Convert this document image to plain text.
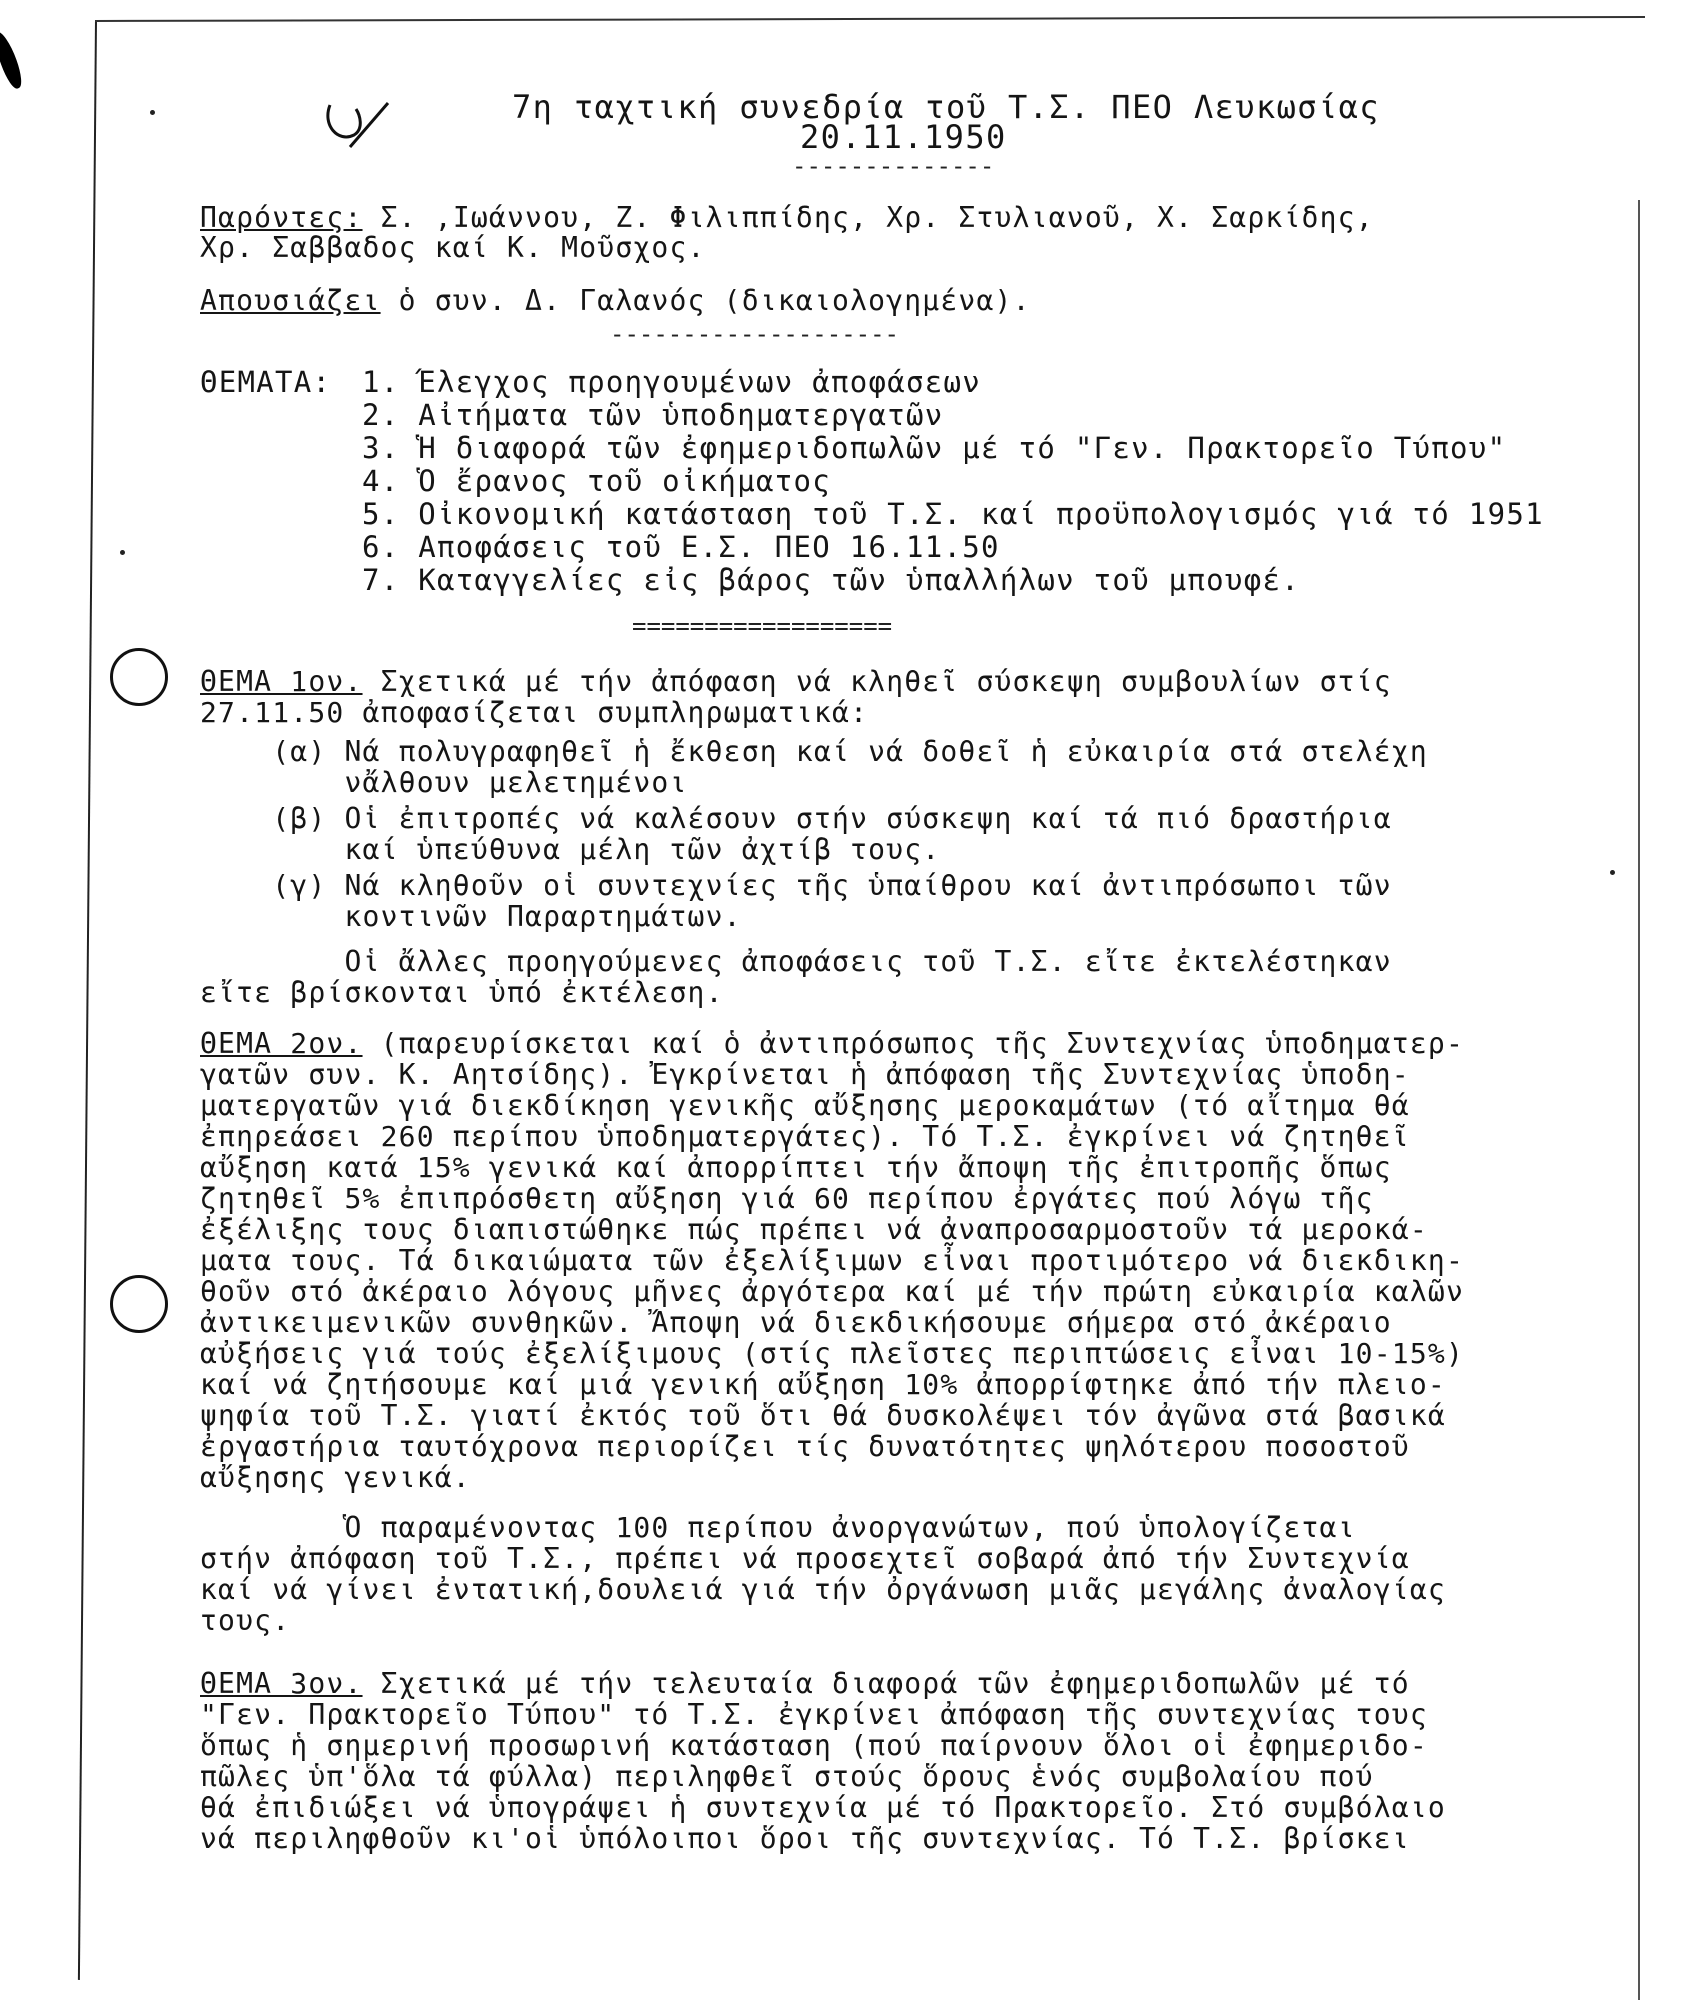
7η ταχτική συνεδρία τοῦ Τ.Σ. ΠΕΟ Λευκωσίας
20.11.1950
--------------
Παρόντες: Σ. ,Ιωάννου, Ζ. Φιλιππίδης, Χρ. Στυλιανοῦ, Χ. Σαρκίδης,
Χρ. Σαββαδος καί Κ. Μοῦσχος.
Απουσιάζει ὁ συν. Δ. Γαλανός (δικαιολογημένα).
--------------------
ΘΕΜΑΤΑ: 1. Έλεγχος προηγουμένων ἀποφάσεων
2. Αἰτήματα τῶν ὑποδηματεργατῶν
3. Ἡ διαφορά τῶν ἐφημεριδοπωλῶν μέ τό "Γεν. Πρακτορεῖο Τύπου"
4. Ὁ ἔρανος τοῦ οἰκήματος
5. Οἰκονομική κατάσταση τοῦ Τ.Σ. καί προϋπολογισμός γιά τό 1951
6. Αποφάσεις τοῦ Ε.Σ. ΠΕΟ 16.11.50
7. Καταγγελίες εἰς βάρος τῶν ὑπαλλήλων τοῦ μπουφέ.
==================
ΘΕΜΑ 1ον. Σχετικά μέ τήν ἀπόφαση νά κληθεῖ σύσκεψη συμβουλίων στίς
27.11.50 ἀποφασίζεται συμπληρωματικά:
(α) Νά πολυγραφηθεῖ ἡ ἔκθεση καί νά δοθεῖ ἡ εὐκαιρία στά στελέχη
νἄλθουν μελετημένοι
(β) Οἱ ἐπιτροπές νά καλέσουν στήν σύσκεψη καί τά πιό δραστήρια
καί ὑπεύθυνα μέλη τῶν ἀχτίβ τους.
(γ) Νά κληθοῦν οἱ συντεχνίες τῆς ὑπαίθρου καί ἀντιπρόσωποι τῶν
κοντινῶν Παραρτημάτων.
Οἱ ἄλλες προηγούμενες ἀποφάσεις τοῦ Τ.Σ. εἴτε ἐκτελέστηκαν
εἴτε βρίσκονται ὑπό ἐκτέλεση.
ΘΕΜΑ 2ον. (παρευρίσκεται καί ὁ ἀντιπρόσωπος τῆς Συντεχνίας ὑποδηματερ-
γατῶν συν. Κ. Αητσίδης). Ἐγκρίνεται ἡ ἀπόφαση τῆς Συντεχνίας ὑποδη-
ματεργατῶν γιά διεκδίκηση γενικῆς αὔξησης μεροκαμάτων (τό αἴτημα θά
ἐπηρεάσει 260 περίπου ὑποδηματεργάτες). Τό Τ.Σ. ἐγκρίνει νά ζητηθεῖ
αὔξηση κατά 15% γενικά καί ἀπορρίπτει τήν ἄποψη τῆς ἐπιτροπῆς ὅπως
ζητηθεῖ 5% ἐπιπρόσθετη αὔξηση γιά 60 περίπου ἐργάτες πού λόγω τῆς
ἐξέλιξης τους διαπιστώθηκε πώς πρέπει νά ἀναπροσαρμοστοῦν τά μεροκά-
ματα τους. Τά δικαιώματα τῶν ἐξελίξιμων εἶναι προτιμότερο νά διεκδικη-
θοῦν στό ἀκέραιο λόγους μῆνες ἀργότερα καί μέ τήν πρώτη εὐκαιρία καλῶν
ἀντικειμενικῶν συνθηκῶν. Ἄποψη νά διεκδικήσουμε σήμερα στό ἀκέραιο
αὐξήσεις γιά τούς ἐξελίξιμους (στίς πλεῖστες περιπτώσεις εἶναι 10-15%)
καί νά ζητήσουμε καί μιά γενική αὔξηση 10% ἀπορρίφτηκε ἀπό τήν πλειο-
ψηφία τοῦ Τ.Σ. γιατί ἐκτός τοῦ ὅτι θά δυσκολέψει τόν ἀγῶνα στά βασικά
ἐργαστήρια ταυτόχρονα περιορίζει τίς δυνατότητες ψηλότερου ποσοστοῦ
αὔξησης γενικά.
Ὁ παραμένοντας 100 περίπου ἀνοργανώτων, πού ὑπολογίζεται
στήν ἀπόφαση τοῦ Τ.Σ., πρέπει νά προσεχτεῖ σοβαρά ἀπό τήν Συντεχνία
καί νά γίνει ἐντατική,δουλειά γιά τήν ὀργάνωση μιᾶς μεγάλης ἀναλογίας
τους.
ΘΕΜΑ 3ον. Σχετικά μέ τήν τελευταία διαφορά τῶν ἐφημεριδοπωλῶν μέ τό
"Γεν. Πρακτορεῖο Τύπου" τό Τ.Σ. ἐγκρίνει ἀπόφαση τῆς συντεχνίας τους
ὅπως ἡ σημερινή προσωρινή κατάσταση (πού παίρνουν ὅλοι οἱ ἐφημεριδο-
πῶλες ὑπ'ὅλα τά φύλλα) περιληφθεῖ στούς ὅρους ἑνός συμβολαίου πού
θά ἐπιδιώξει νά ὑπογράψει ἡ συντεχνία μέ τό Πρακτορεῖο. Στό συμβόλαιο
νά περιληφθοῦν κι'οἱ ὑπόλοιποι ὅροι τῆς συντεχνίας. Τό Τ.Σ. βρίσκει
